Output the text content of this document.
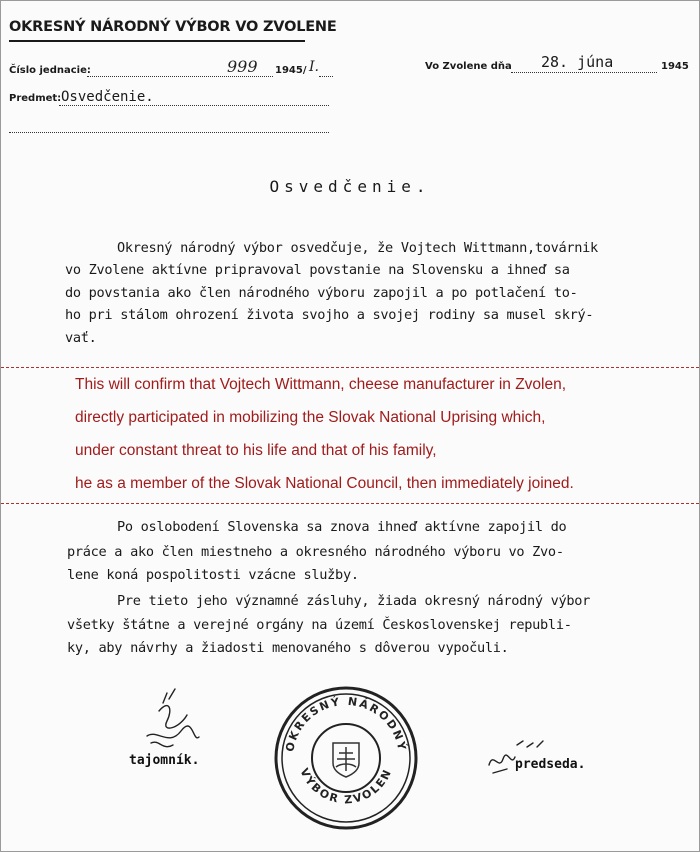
OKRESNÝ NÁRODNÝ VÝBOR VO ZVOLENE
Číslo jednacie:	999 1945/ I.	Vo Zvolene dňa 28. júna	1945
Predmet: Osvedčenie.
Osvedčenie.
Okresný národný výbor osvedčuje, že Vojtech Wittmann,továrnik
vo Zvolene aktívne pripravoval povstanie na Slovensku a ihneď sa
do povstania ako člen národného výboru zapojil a po potlačení to-
ho pri stálom ohrození života svojho a svojej rodiny sa musel skrý-
vať.
This will confirm that Vojtech Wittmann, cheese manufacturer in Zvolen,
directly participated in mobilizing the Slovak National Uprising which,
under constant threat to his life and that of his family,
he as a member of the Slovak National Council, then immediately joined.
Po oslobodení Slovenska sa znova ihneď aktívne zapojil do
práce a ako člen miestneho a okresného národného výboru vo Zvo-
lene koná pospolitosti vzácne služby.
Pre tieto jeho významné zásluhy, žiada okresný národný výbor
všetky štátne a verejné orgány na území Československej republi-
ky, aby návrhy a žiadosti menovaného s dôverou vypočuli.
tajomník.
OKRESNÝ NÁRODNÝ
VÝBOR ZVOLEN
predseda.
